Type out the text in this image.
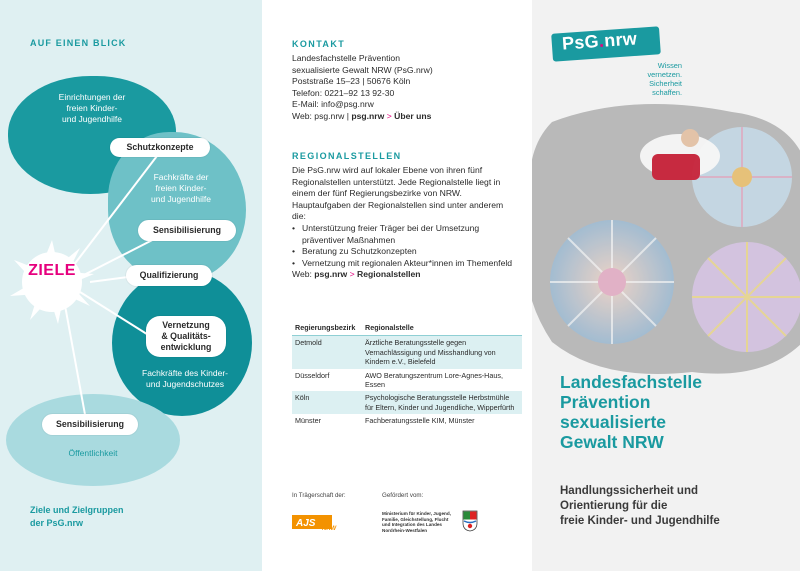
AUF EINEN BLICK
Einrichtungen der
freien Kinder-
und Jugendhilfe
Fachkräfte der
freien Kinder-
und Jugendhilfe
Fachkräfte des Kinder-
und Jugendschutzes
Öffentlichkeit
Schutzkonzepte
Sensibilisierung
Qualifizierung
Vernetzung
& Qualitäts-
entwicklung
Sensibilisierung
ZIELE
Ziele und Zielgruppen
der PsG.nrw
KONTAKT
Landesfachstelle Prävention
sexualisierte Gewalt NRW (PsG.nrw)
Poststraße 15–23 | 50676 Köln
Telefon: 0221–92 13 92-30
E-Mail: info@psg.nrw
Web: psg.nrw | psg.nrw > Über uns
REGIONALSTELLEN
Die PsG.nrw wird auf lokaler Ebene von ihren fünf Regionalstellen unterstützt. Jede Regionalstelle liegt in einem der fünf Regierungsbezirke von NRW. Hauptaufgaben der Regionalstellen sind unter anderem die:
• Unterstützung freier Träger bei der Umsetzung präventiver Maßnahmen
• Beratung zu Schutzkonzepten
• Vernetzung mit regionalen Akteur*innen im Themenfeld
Web: psg.nrw > Regionalstellen
Regierungsbezirk	Regionalstelle
Detmold	Ärztliche Beratungsstelle gegen Vernachlässigung und Misshandlung von Kindern e.V., Bielefeld
Düsseldorf	AWO Beratungszentrum Lore-Agnes-Haus, Essen
Köln	Psychologische Beratungsstelle Herbstmühle für Eltern, Kinder und Jugendliche, Wipperfürth
Münster	Fachberatungsstelle KIM, Münster
In Trägerschaft der:	Gefördert vom:
AJS NRW
Ministerium für Kinder, Jugend, Familie, Gleichstellung, Flucht und Integration des Landes Nordrhein-Westfalen
PsG.nrw
Wissen vernetzen.
Sicherheit schaffen.
Landesfachstelle
Prävention
sexualisierte
Gewalt NRW
Handlungssicherheit und
Orientierung für die
freie Kinder- und Jugendhilfe
